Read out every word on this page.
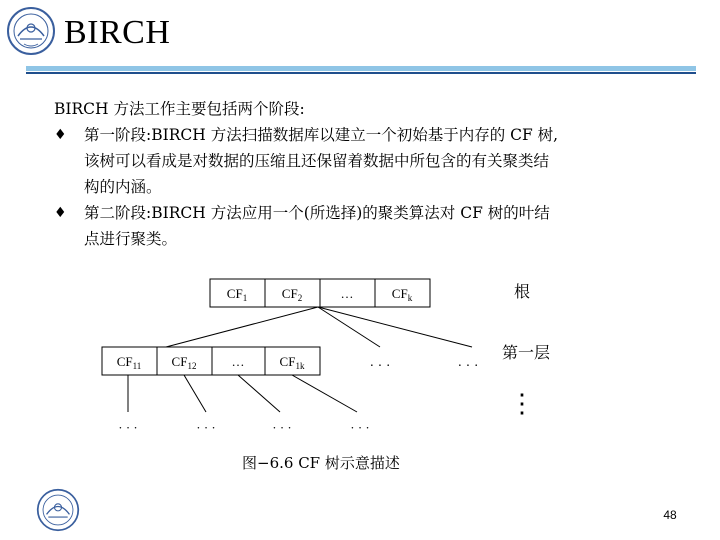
BIRCH
BIRCH 方法工作主要包括两个阶段:
♦ 第一阶段:BIRCH 方法扫描数据库以建立一个初始基于内存的 CF 树,
该树可以看成是对数据的压缩且还保留着数据中所包含的有关聚类结
构的内涵。
♦ 第二阶段:BIRCH 方法应用一个(所选择)的聚类算法对 CF 树的叶结
点进行聚类。
$CF_1$	$CF_2$	…	$CF_k$	根
$CF_{11}$ $CF_{12}$	…	$CF_{1k}$	· · ·	· · ·
第一层
⋮
· · ·	· · ·	· · ·	· · ·
图−6.6 CF 树示意描述
48
